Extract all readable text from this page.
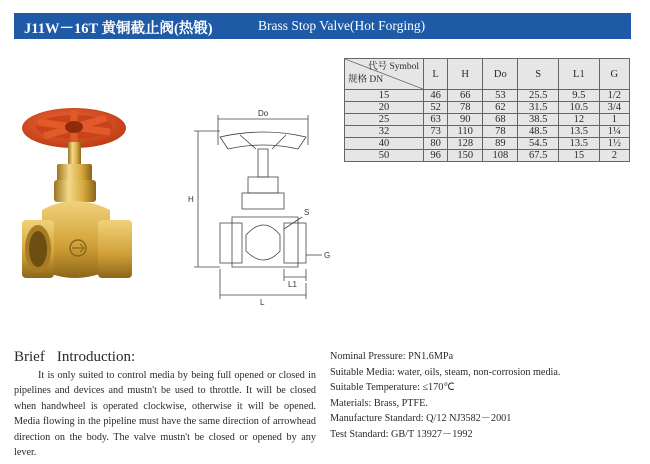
J11W－16T 黄铜截止阀(热锻)	Brass Stop Valve(Hot Forging)
Do
H
S
G
L1
L
代号 Symbol
规格 DN	L	H	Do	S	L1	G
15	46	66	53	25.5	9.5	1/2
20	52	78	62	31.5	10.5	3/4
25	63	90	68	38.5	12	1
32	73	110	78	48.5	13.5	1¼
40	80	128	89	54.5	13.5	1½
50	96	150	108	67.5	15	2
Brief Introduction:
It is only suited to control media by being full opened or closed in pipelines and devices and mustn't be used to throttle. It will be closed when handwheel is operated clockwise, otherwise it will be opened. Media flowing in the pipeline must have the same direction of arrowhead direction on the body. The valve mustn't be closed or opened by any lever.
Nominal Pressure: PN1.6MPa
Suitable Media: water, oils, steam, non-corrosion media.
Suitable Temperature: ≤170℃
Materials: Brass, PTFE.
Manufacture Standard: Q/12 NJ3582－2001
Test Standard: GB/T 13927－1992
